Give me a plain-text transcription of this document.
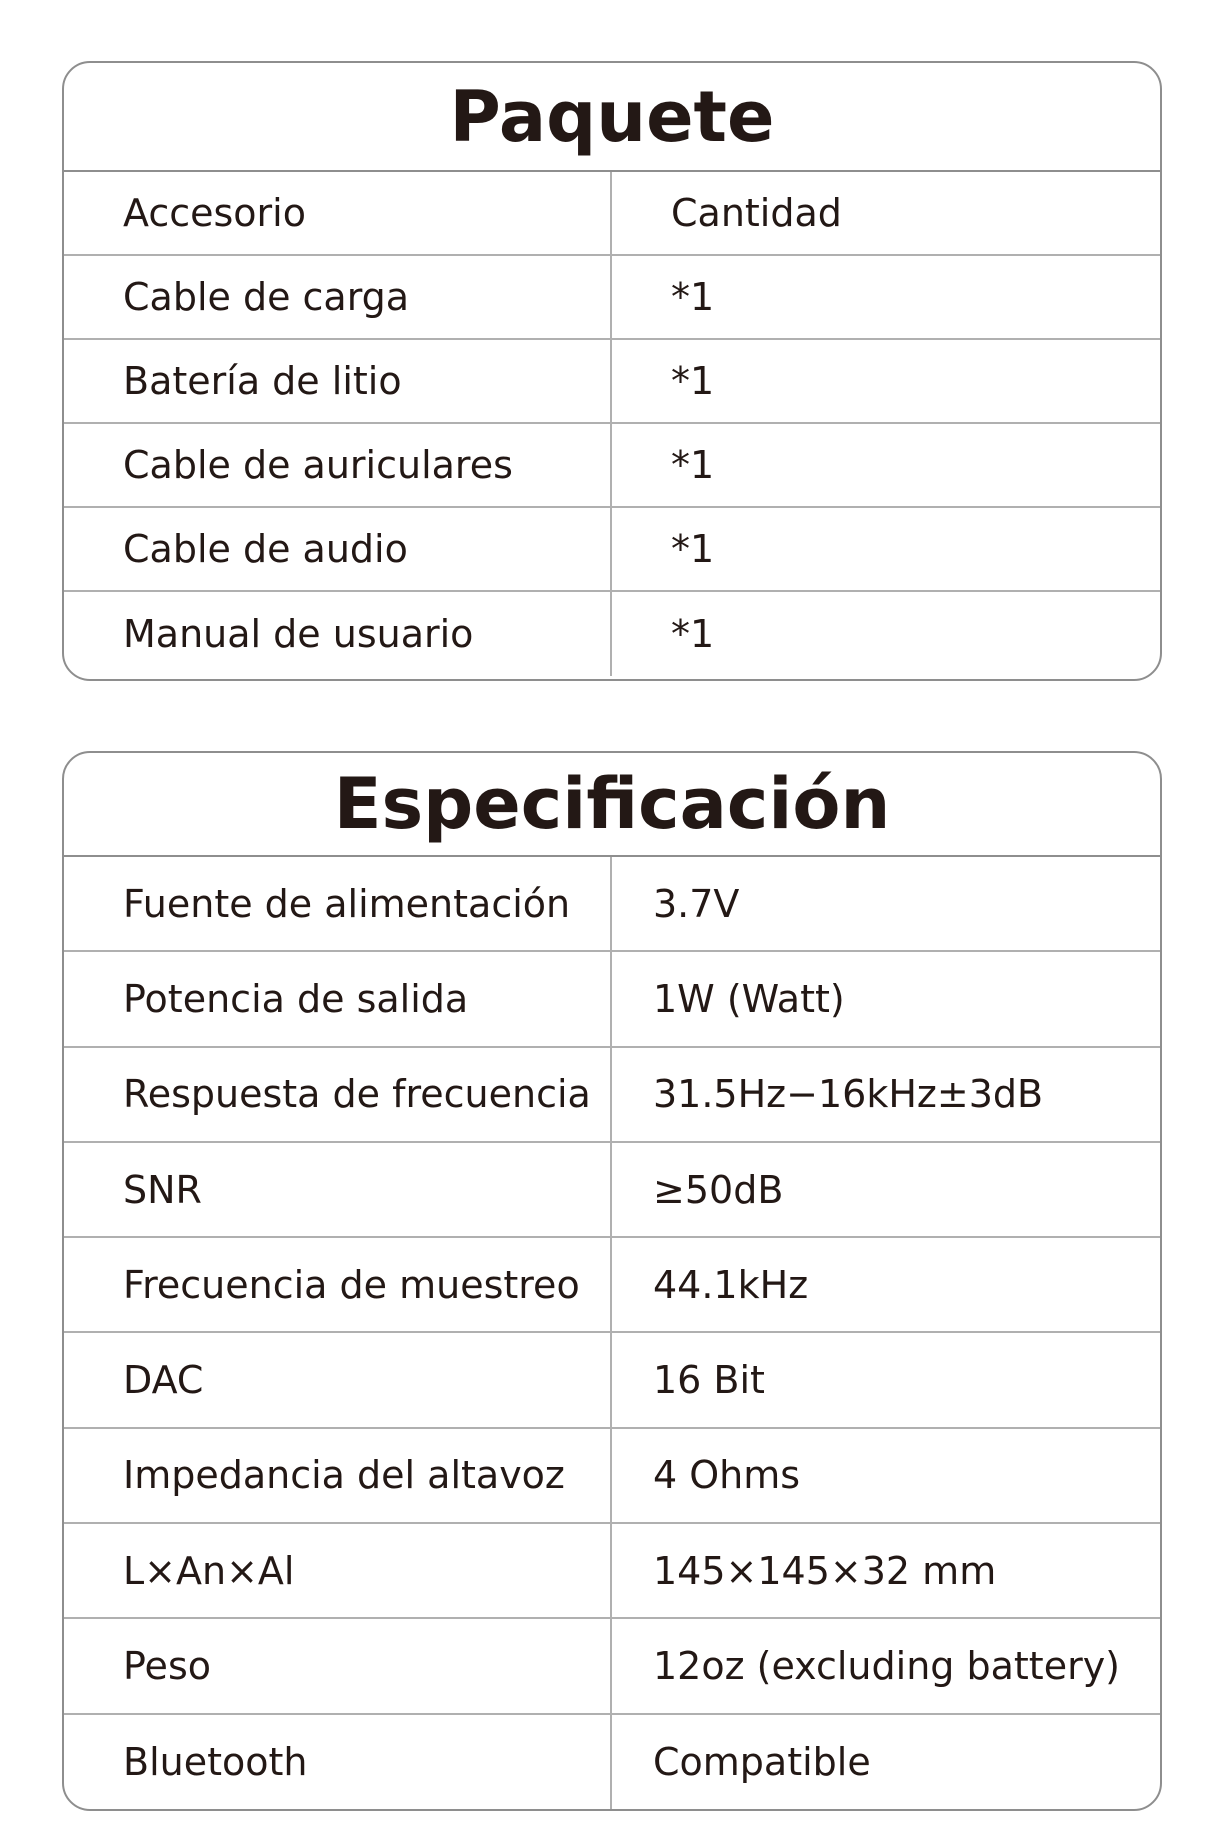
Paquete
Accesorio	Cantidad
Cable de carga	*1
Batería de litio	*1
Cable de auriculares	*1
Cable de audio	*1
Manual de usuario	*1
Especificación
Fuente de alimentación	3.7V
Potencia de salida	1W (Watt)
Respuesta de frecuencia	31.5Hz−16kHz±3dB
SNR	≥50dB
Frecuencia de muestreo	44.1kHz
DAC	16 Bit
Impedancia del altavoz	4 Ohms
L×An×Al	145×145×32 mm
Peso	12oz (excluding battery)
Bluetooth	Compatible
